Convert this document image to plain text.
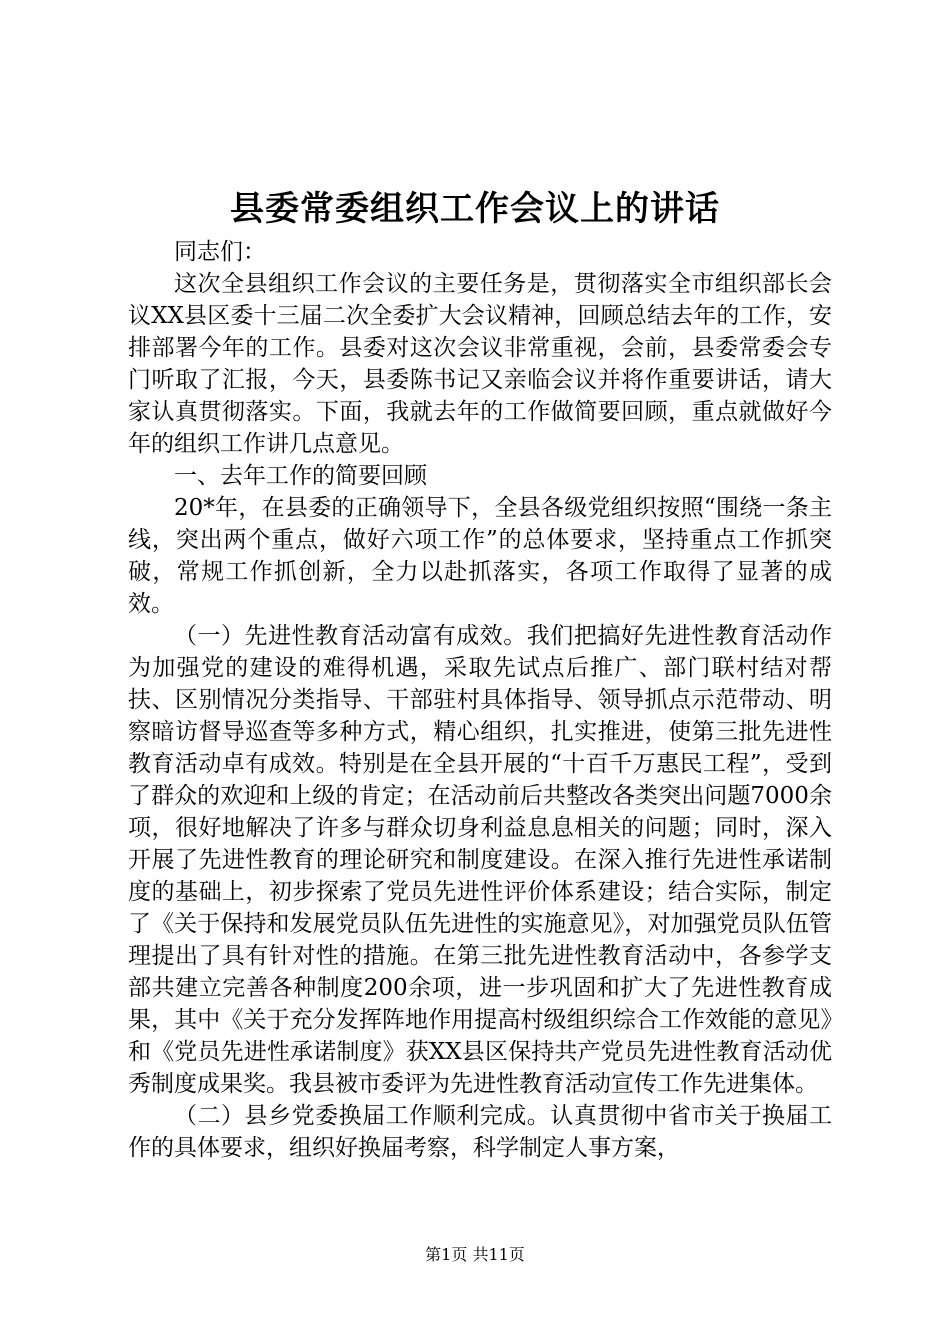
县委常委组织工作会议上的讲话

同志们：

这次全县组织工作会议的主要任务是，贯彻落实全市组织部长会议XX县区委十三届二次全委扩大会议精神，回顾总结去年的工作，安排部署今年的工作。县委对这次会议非常重视，会前，县委常委会专门听取了汇报，今天，县委陈书记又亲临会议并将作重要讲话，请大家认真贯彻落实。下面，我就去年的工作做简要回顾，重点就做好今年的组织工作讲几点意见。

一、去年工作的简要回顾

20*年，在县委的正确领导下，全县各级党组织按照“围绕一条主线，突出两个重点，做好六项工作”的总体要求，坚持重点工作抓突破，常规工作抓创新，全力以赴抓落实，各项工作取得了显著的成效。

（一）先进性教育活动富有成效。我们把搞好先进性教育活动作为加强党的建设的难得机遇，采取先试点后推广、部门联村结对帮扶、区别情况分类指导、干部驻村具体指导、领导抓点示范带动、明察暗访督导巡查等多种方式，精心组织，扎实推进，使第三批先进性教育活动卓有成效。特别是在全县开展的“十百千万惠民工程”，受到了群众的欢迎和上级的肯定；在活动前后共整改各类突出问题7000余项，很好地解决了许多与群众切身利益息息相关的问题；同时，深入开展了先进性教育的理论研究和制度建设。在深入推行先进性承诺制度的基础上，初步探索了党员先进性评价体系建设；结合实际，制定了《关于保持和发展党员队伍先进性的实施意见》，对加强党员队伍管理提出了具有针对性的措施。在第三批先进性教育活动中，各参学支部共建立完善各种制度200余项，进一步巩固和扩大了先进性教育成果，其中《关于充分发挥阵地作用提高村级组织综合工作效能的意见》和《党员先进性承诺制度》获XX县区保持共产党员先进性教育活动优秀制度成果奖。我县被市委评为先进性教育活动宣传工作先进集体。

（二）县乡党委换届工作顺利完成。认真贯彻中省市关于换届工作的具体要求，组织好换届考察，科学制定人事方案，

第1页 共11页
